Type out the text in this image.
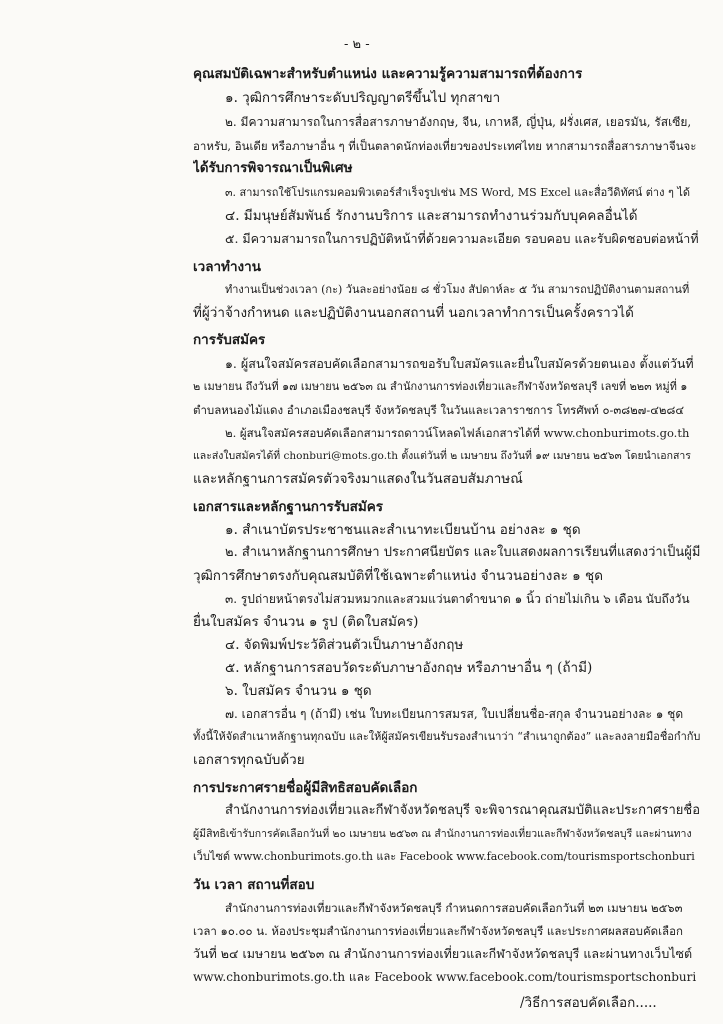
- ๒ -
คุณสมบัติเฉพาะสำหรับตำแหน่ง และความรู้ความสามารถที่ต้องการ
๑. วุฒิการศึกษาระดับปริญญาตรีขึ้นไป ทุกสาขา
๒. มีความสามารถในการสื่อสารภาษาอังกฤษ, จีน, เกาหลี, ญี่ปุ่น, ฝรั่งเศส, เยอรมัน, รัสเซีย,
อาหรับ, อินเดีย หรือภาษาอื่น ๆ ที่เป็นตลาดนักท่องเที่ยวของประเทศไทย หากสามารถสื่อสารภาษาจีนจะ
ได้รับการพิจารณาเป็นพิเศษ
๓. สามารถใช้โปรแกรมคอมพิวเตอร์สำเร็จรูปเช่น MS Word, MS Excel และสื่อวีดิทัศน์ ต่าง ๆ ได้
๔. มีมนุษย์สัมพันธ์ รักงานบริการ และสามารถทำงานร่วมกับบุคคลอื่นได้
๕. มีความสามารถในการปฏิบัติหน้าที่ด้วยความละเอียด รอบคอบ และรับผิดชอบต่อหน้าที่
เวลาทำงาน
ทำงานเป็นช่วงเวลา (กะ) วันละอย่างน้อย ๘ ชั่วโมง สัปดาห์ละ ๕ วัน สามารถปฏิบัติงานตามสถานที่
ที่ผู้ว่าจ้างกำหนด และปฏิบัติงานนอกสถานที่ นอกเวลาทำการเป็นครั้งคราวได้
การรับสมัคร
๑. ผู้สนใจสมัครสอบคัดเลือกสามารถขอรับใบสมัครและยื่นใบสมัครด้วยตนเอง ตั้งแต่วันที่
๒ เมษายน ถึงวันที่ ๑๗ เมษายน ๒๕๖๓ ณ สำนักงานการท่องเที่ยวและกีฬาจังหวัดชลบุรี เลขที่ ๒๒๓ หมู่ที่ ๑
ตำบลหนองไม้แดง อำเภอเมืองชลบุรี จังหวัดชลบุรี ในวันและเวลาราชการ โทรศัพท์ ๐-๓๘๒๗-๔๒๘๔
๒. ผู้สนใจสมัครสอบคัดเลือกสามารถดาวน์โหลดไฟล์เอกสารได้ที่ www.chonburimots.go.th
และส่งใบสมัครได้ที่ chonburi@mots.go.th ตั้งแต่วันที่ ๒ เมษายน ถึงวันที่ ๑๙ เมษายน ๒๕๖๓ โดยนำเอกสาร
และหลักฐานการสมัครตัวจริงมาแสดงในวันสอบสัมภาษณ์
เอกสารและหลักฐานการรับสมัคร
๑. สำเนาบัตรประชาชนและสำเนาทะเบียนบ้าน อย่างละ ๑ ชุด
๒. สำเนาหลักฐานการศึกษา ประกาศนียบัตร และใบแสดงผลการเรียนที่แสดงว่าเป็นผู้มี
วุฒิการศึกษาตรงกับคุณสมบัติที่ใช้เฉพาะตำแหน่ง จำนวนอย่างละ ๑ ชุด
๓. รูปถ่ายหน้าตรงไม่สวมหมวกและสวมแว่นตาดำขนาด ๑ นิ้ว ถ่ายไม่เกิน ๖ เดือน นับถึงวัน
ยื่นใบสมัคร จำนวน ๑ รูป (ติดใบสมัคร)
๔. จัดพิมพ์ประวัติส่วนตัวเป็นภาษาอังกฤษ
๕. หลักฐานการสอบวัดระดับภาษาอังกฤษ หรือภาษาอื่น ๆ (ถ้ามี)
๖. ใบสมัคร จำนวน ๑ ชุด
๗. เอกสารอื่น ๆ (ถ้ามี) เช่น ใบทะเบียนการสมรส, ใบเปลี่ยนชื่อ-สกุล จำนวนอย่างละ ๑ ชุด
ทั้งนี้ให้จัดสำเนาหลักฐานทุกฉบับ และให้ผู้สมัครเขียนรับรองสำเนาว่า “สำเนาถูกต้อง” และลงลายมือชื่อกำกับ
เอกสารทุกฉบับด้วย
การประกาศรายชื่อผู้มีสิทธิสอบคัดเลือก
สำนักงานการท่องเที่ยวและกีฬาจังหวัดชลบุรี จะพิจารณาคุณสมบัติและประกาศรายชื่อ
ผู้มีสิทธิเข้ารับการคัดเลือกวันที่ ๒๐ เมษายน ๒๕๖๓ ณ สำนักงานการท่องเที่ยวและกีฬาจังหวัดชลบุรี และผ่านทาง
เว็บไซต์ www.chonburimots.go.th และ Facebook www.facebook.com/tourismsportschonburi
วัน เวลา สถานที่สอบ
สำนักงานการท่องเที่ยวและกีฬาจังหวัดชลบุรี กำหนดการสอบคัดเลือกวันที่ ๒๓ เมษายน ๒๕๖๓
เวลา ๑๐.๐๐ น. ห้องประชุมสำนักงานการท่องเที่ยวและกีฬาจังหวัดชลบุรี และประกาศผลสอบคัดเลือก
วันที่ ๒๔ เมษายน ๒๕๖๓ ณ สำนักงานการท่องเที่ยวและกีฬาจังหวัดชลบุรี และผ่านทางเว็บไซต์
www.chonburimots.go.th และ Facebook www.facebook.com/tourismsportschonburi
/วิธีการสอบคัดเลือก.....
